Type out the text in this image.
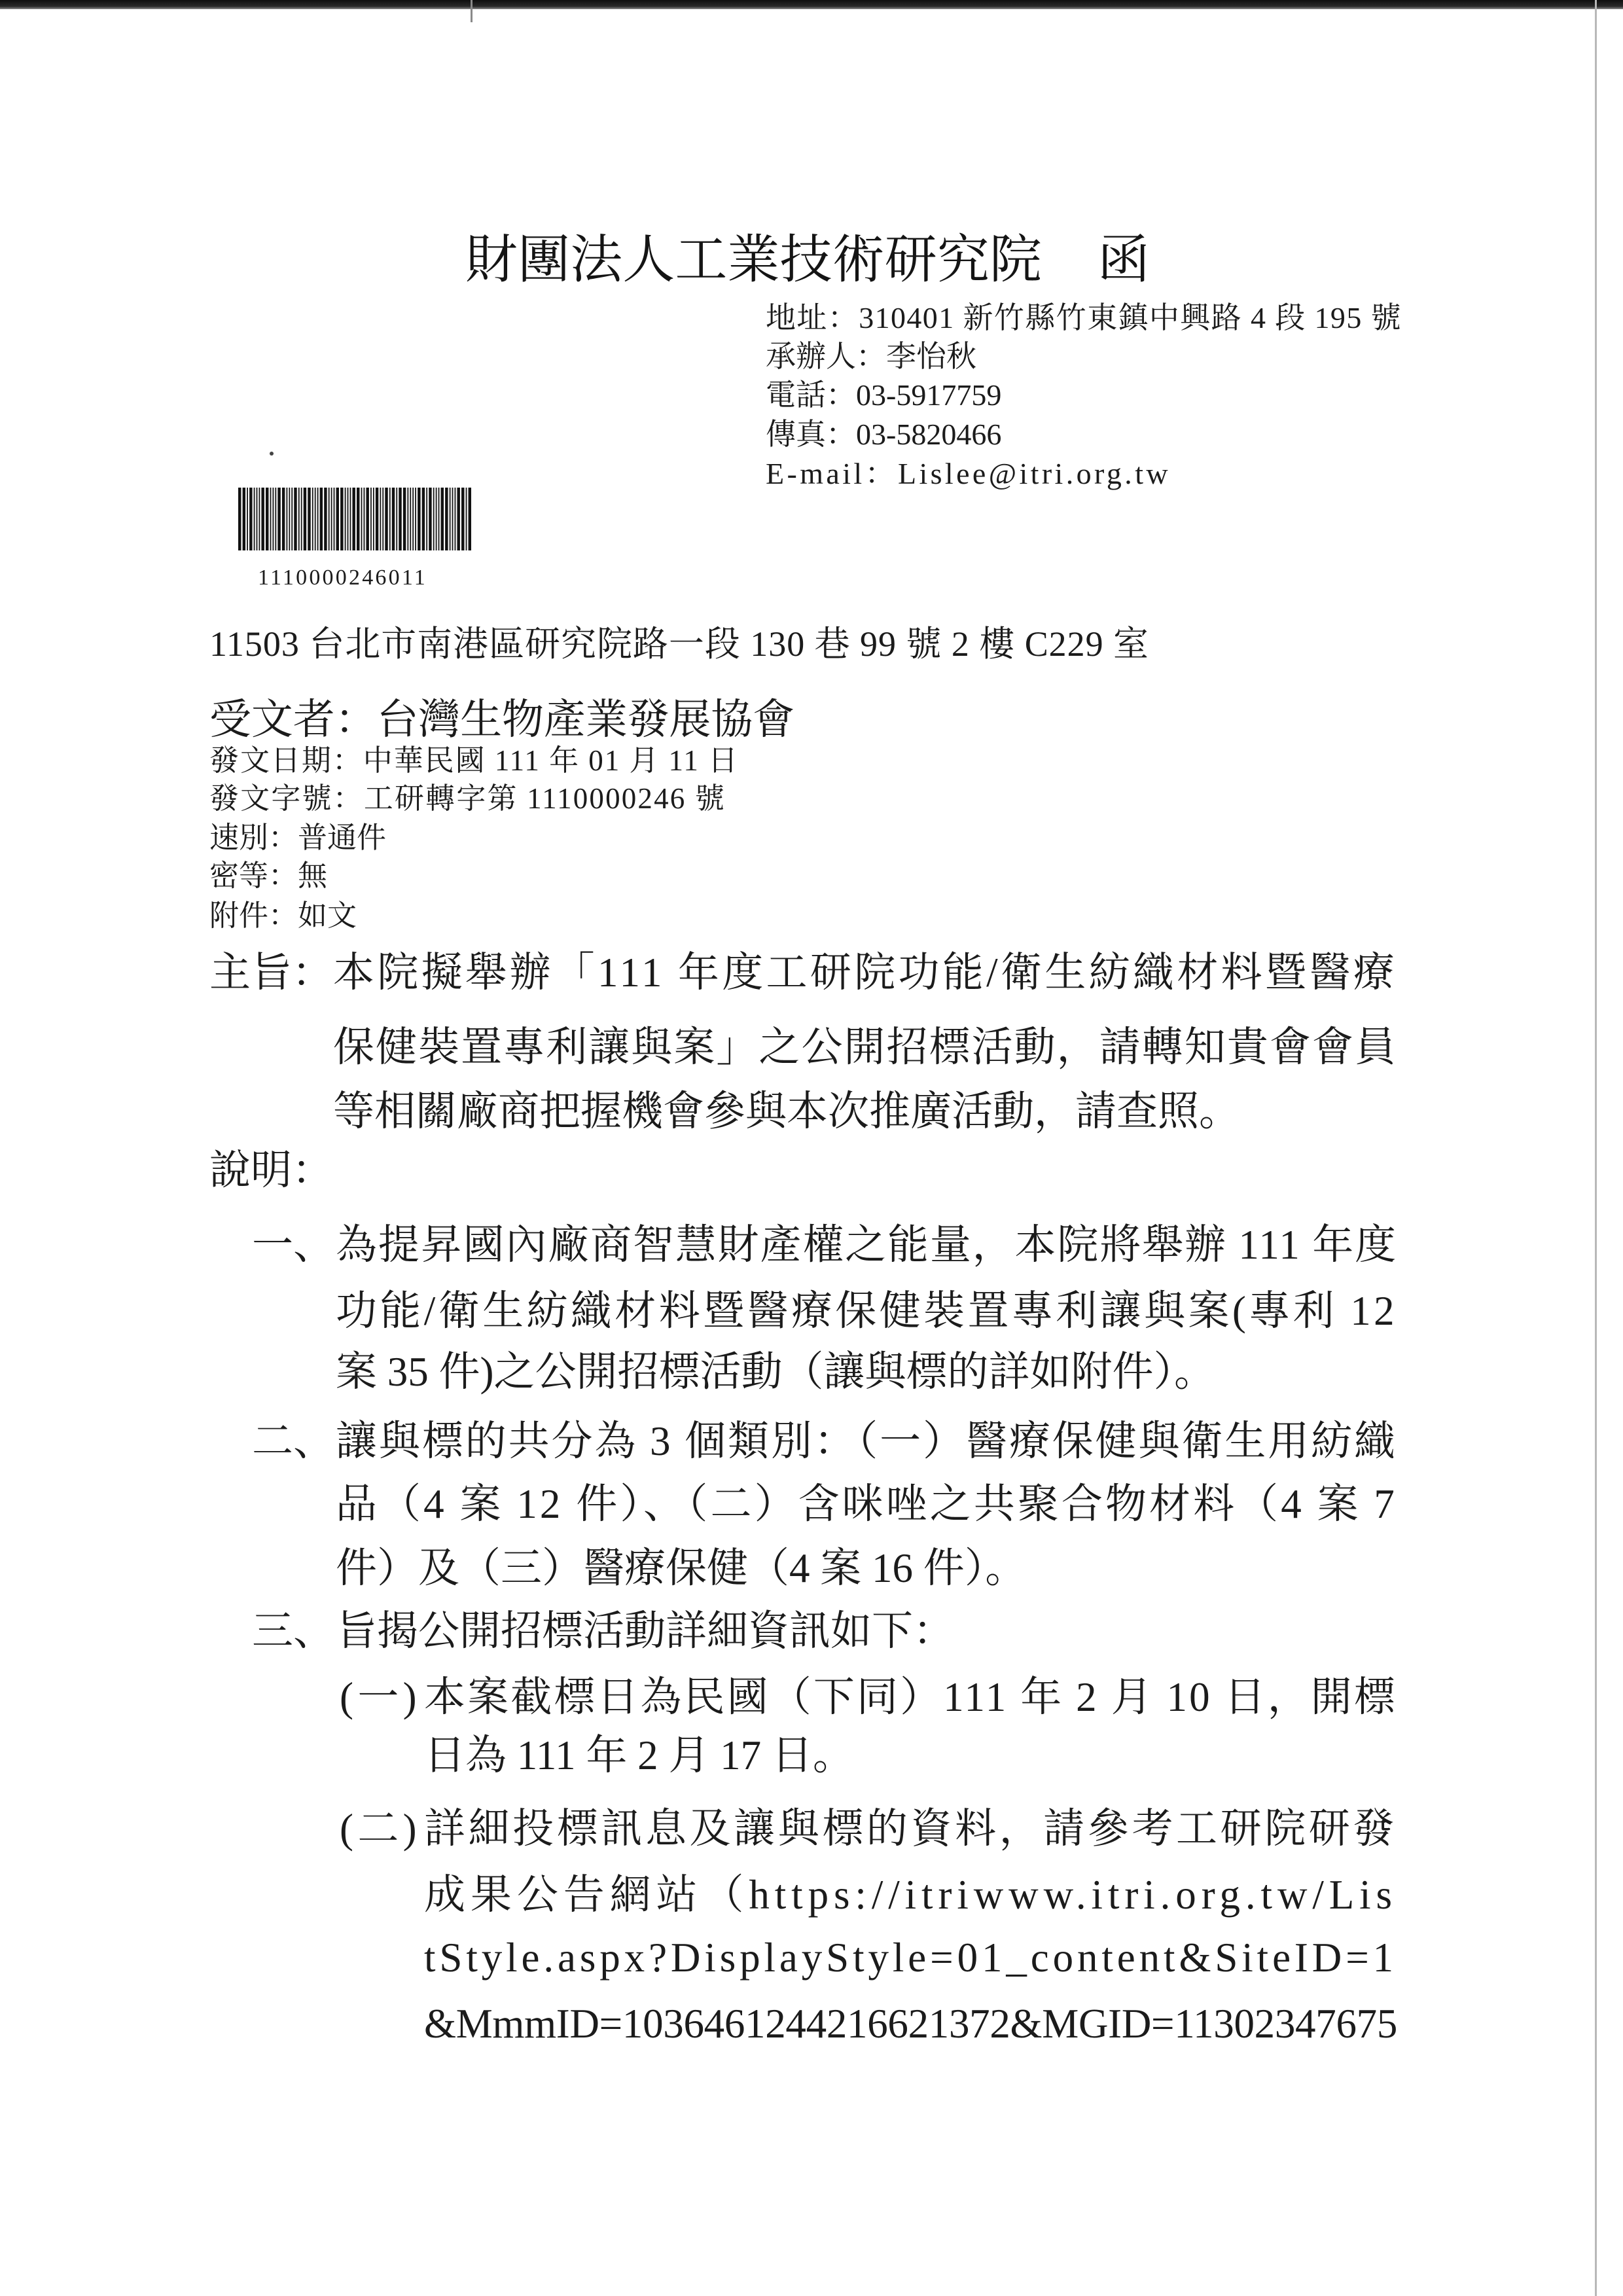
財團法人工業技術研究院 函
地址：310401 新竹縣竹東鎮中興路 4 段 195 號
承辦人：李怡秋
電話：03-5917759
傳真：03-5820466
E-mail：Lislee@itri.org.tw
1110000246011
11503 台北市南港區研究院路一段 130 巷 99 號 2 樓 C229 室
受文者：台灣生物產業發展協會
發文日期：中華民國 111 年 01 月 11 日
發文字號：工研轉字第 1110000246 號
速別：普通件
密等：無
附件：如文
主旨： 本院擬舉辦「111 年度工研院功能/衛生紡織材料暨醫療
保健裝置專利讓與案」之公開招標活動，請轉知貴會會員
等相關廠商把握機會參與本次推廣活動，請查照。
說明：
一、 為提昇國內廠商智慧財產權之能量，本院將舉辦 111 年度
功能/衛生紡織材料暨醫療保健裝置專利讓與案(專利 12
案 35 件)之公開招標活動（讓與標的詳如附件）。
二、 讓與標的共分為 3 個類別：（一）醫療保健與衛生用紡織
品（4 案 12 件）、（二）含咪唑之共聚合物材料（4 案 7
件）及（三）醫療保健（4 案 16 件）。
三、 旨揭公開招標活動詳細資訊如下：
(一) 本案截標日為民國（下同）111 年 2 月 10 日，開標
日為 111 年 2 月 17 日。
(二) 詳細投標訊息及讓與標的資料，請參考工研院研發
成果公告網站（https://itriwww.itri.org.tw/Lis
tStyle.aspx?DisplayStyle=01_content&SiteID=1
&MmmID=1036461244216621372&MGID=11302347675
